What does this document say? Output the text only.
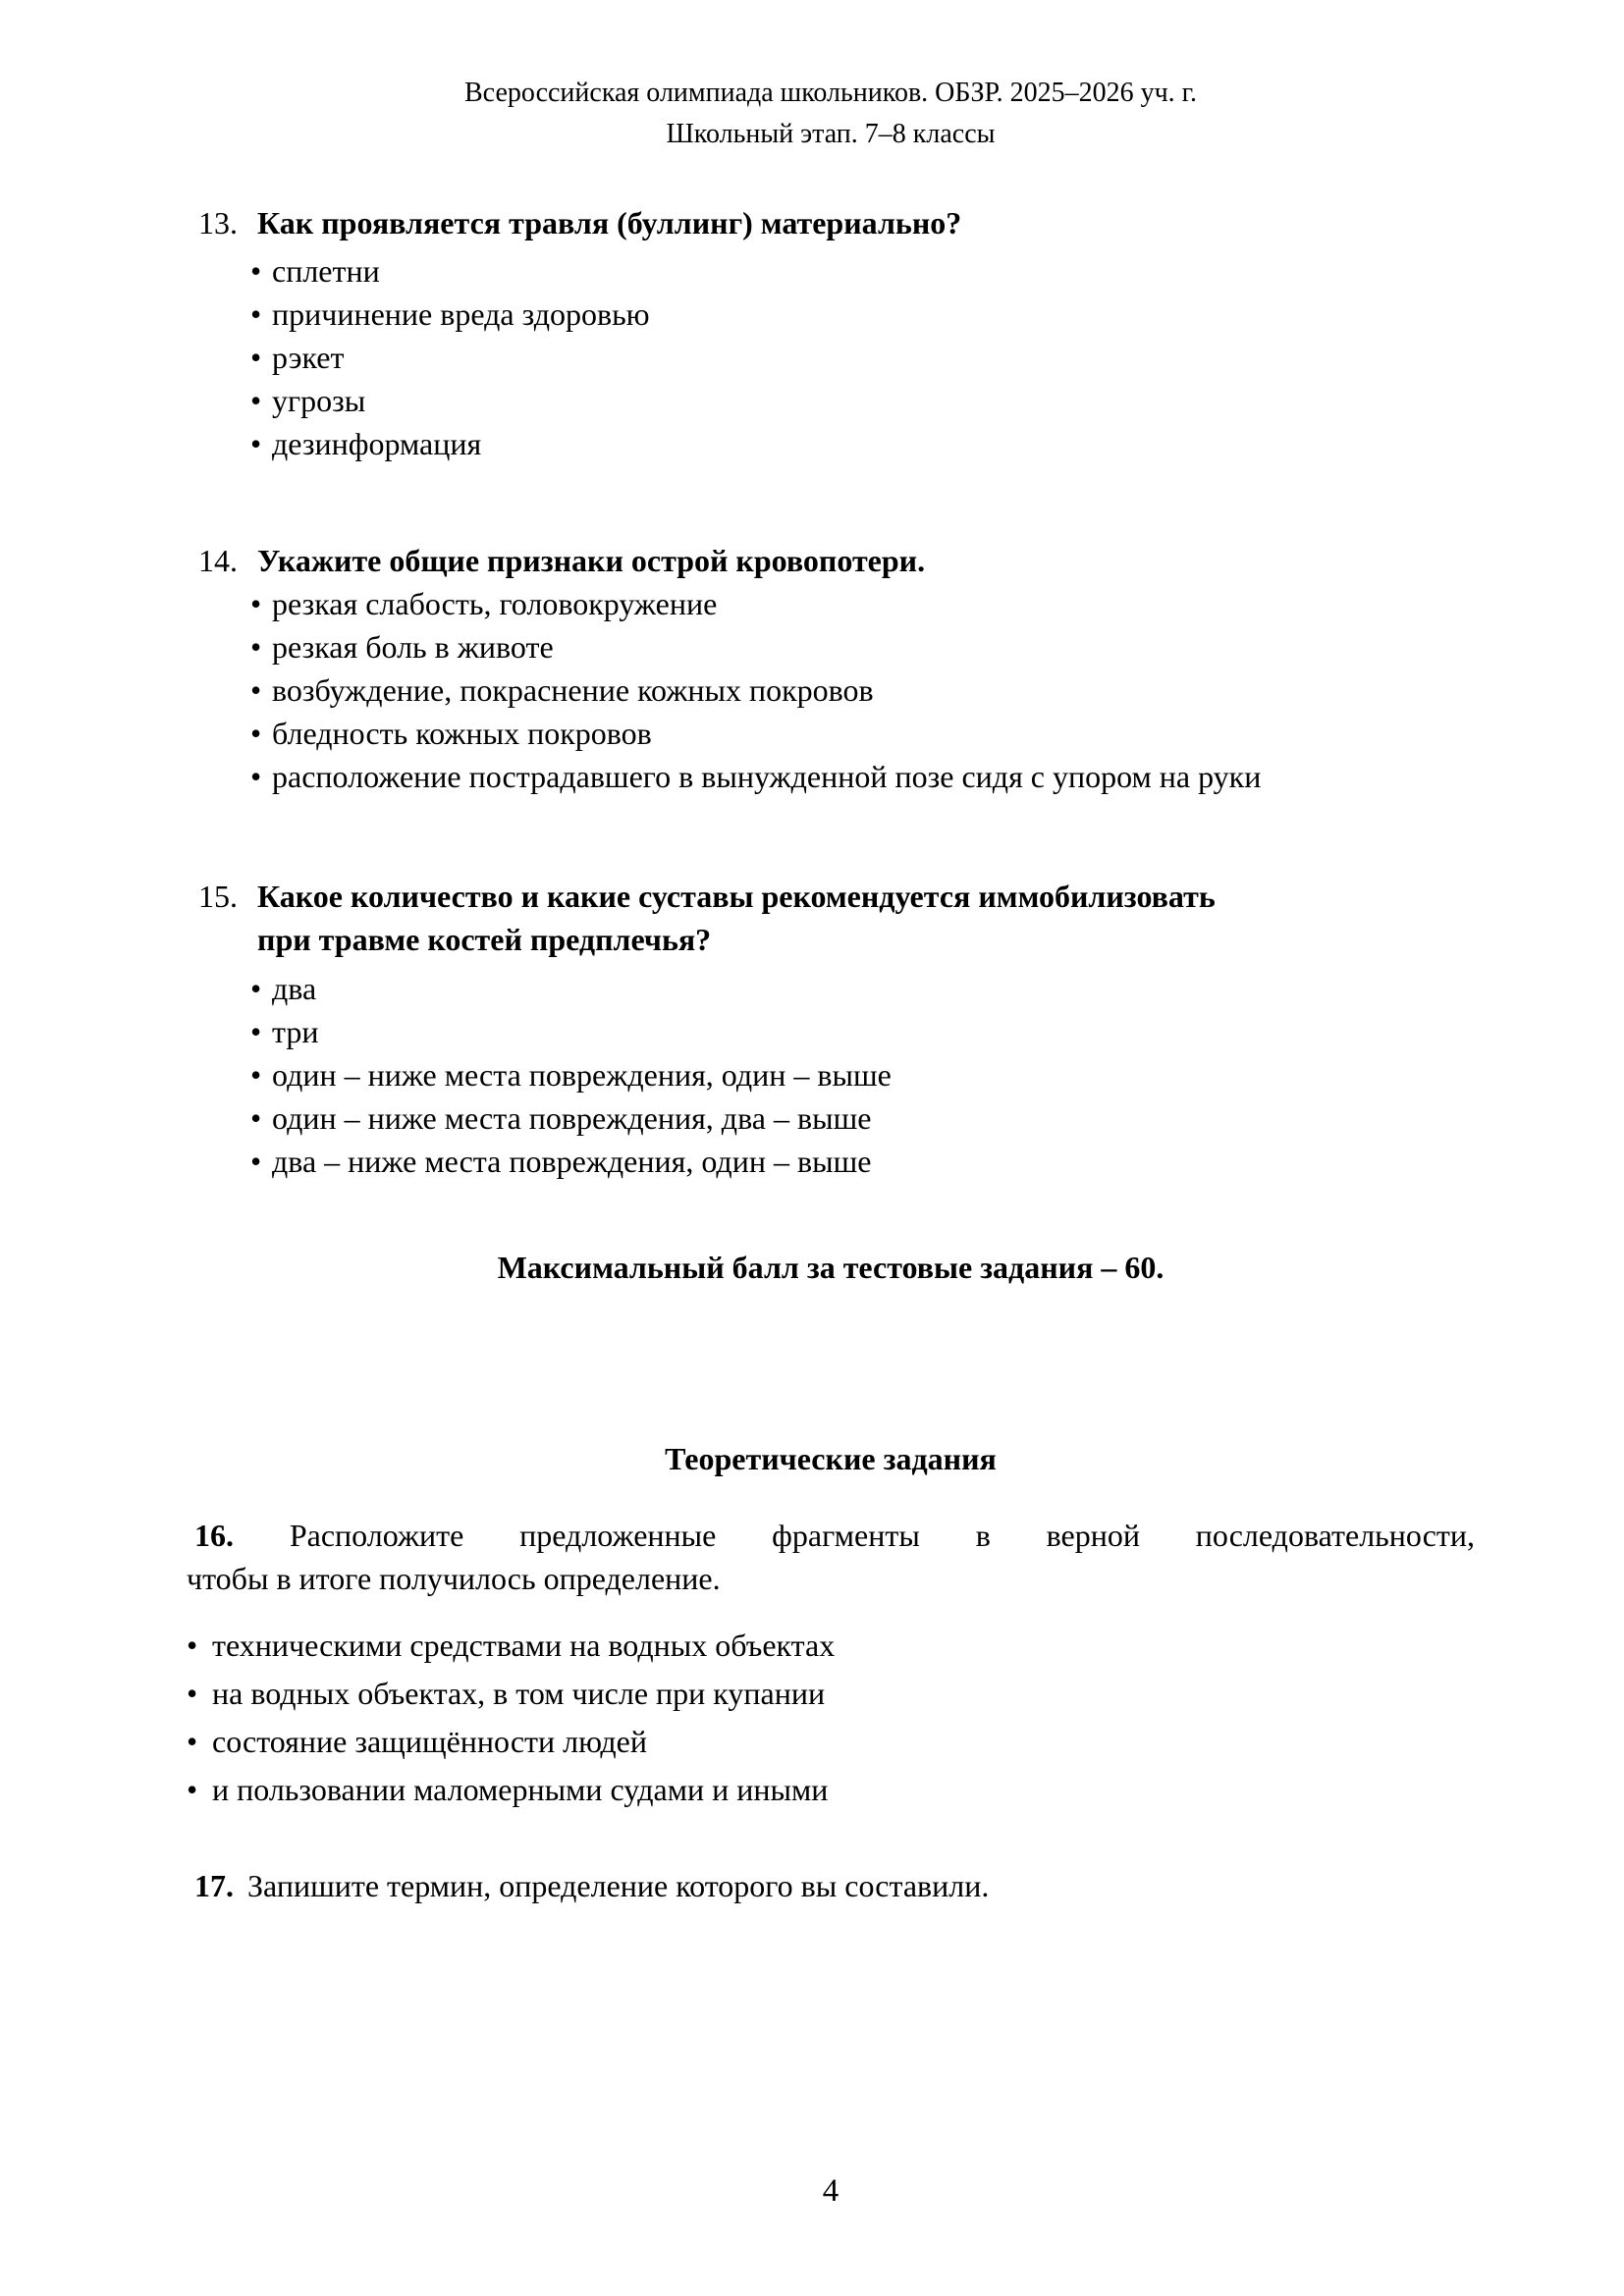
Всероссийская олимпиада школьников. ОБЗР. 2025–2026 уч. г.
Школьный этап. 7–8 классы
13. Как проявляется травля (буллинг) материально?
• сплетни
• причинение вреда здоровью
• рэкет
• угрозы
• дезинформация
14. Укажите общие признаки острой кровопотери.
• резкая слабость, головокружение
• резкая боль в животе
• возбуждение, покраснение кожных покровов
• бледность кожных покровов
• расположение пострадавшего в вынужденной позе сидя с упором на руки
15. Какое количество и какие суставы рекомендуется иммобилизовать
при травме костей предплечья?
• два
• три
• один – ниже места повреждения, один – выше
• один – ниже места повреждения, два – выше
• два – ниже места повреждения, один – выше
Максимальный балл за тестовые задания – 60.
Теоретические задания
16. Расположите предложенные фрагменты в верной последовательности,
чтобы в итоге получилось определение.
• техническими средствами на водных объектах
• на водных объектах, в том числе при купании
• состояние защищённости людей
• и пользовании маломерными судами и иными
17. Запишите термин, определение которого вы составили.
4
